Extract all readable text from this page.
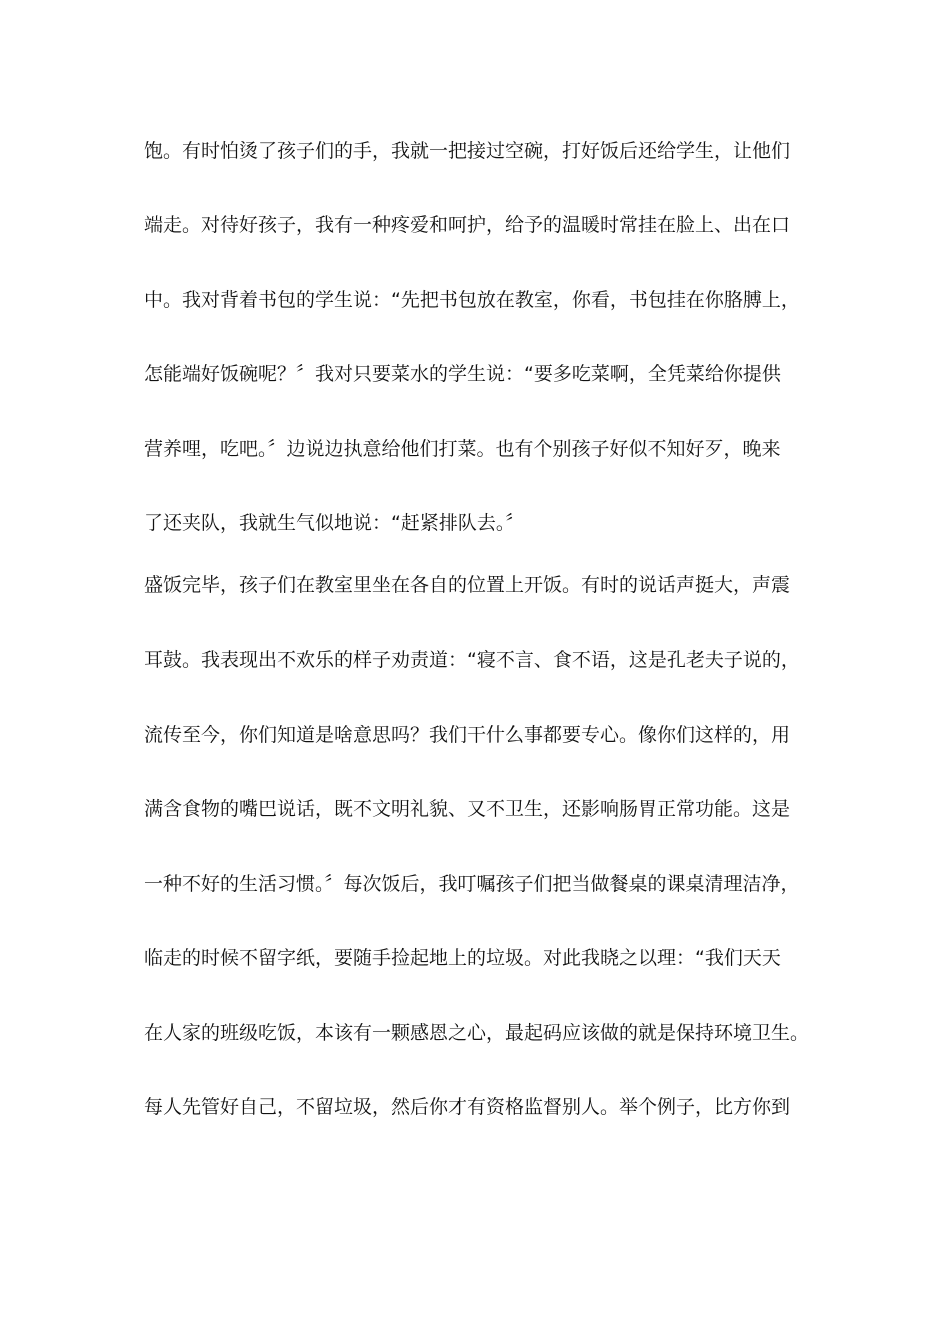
饱。有时怕烫了孩子们的手，我就一把接过空碗，打好饭后还给学生，让他们
端走。对待好孩子，我有一种疼爱和呵护，给予的温暖时常挂在脸上、出在口
中。我对背着书包的学生说：“先把书包放在教室，你看，书包挂在你胳膊上，
怎能端好饭碗呢？〞我对只要菜水的学生说：“要多吃菜啊，全凭菜给你提供
营养哩，吃吧。〞边说边执意给他们打菜。也有个别孩子好似不知好歹，晚来
了还夹队，我就生气似地说：“赶紧排队去。〞
盛饭完毕，孩子们在教室里坐在各自的位置上开饭。有时的说话声挺大，声震
耳鼓。我表现出不欢乐的样子劝责道：“寝不言、食不语，这是孔老夫子说的，
流传至今，你们知道是啥意思吗？我们干什么事都要专心。像你们这样的，用
满含食物的嘴巴说话，既不文明礼貌、又不卫生，还影响肠胃正常功能。这是
一种不好的生活习惯。〞每次饭后，我叮嘱孩子们把当做餐桌的课桌清理洁净，
临走的时候不留字纸，要随手捡起地上的垃圾。对此我晓之以理：“我们天天
在人家的班级吃饭，本该有一颗感恩之心，最起码应该做的就是保持环境卫生。
每人先管好自己，不留垃圾，然后你才有资格监督别人。举个例子，比方你到
